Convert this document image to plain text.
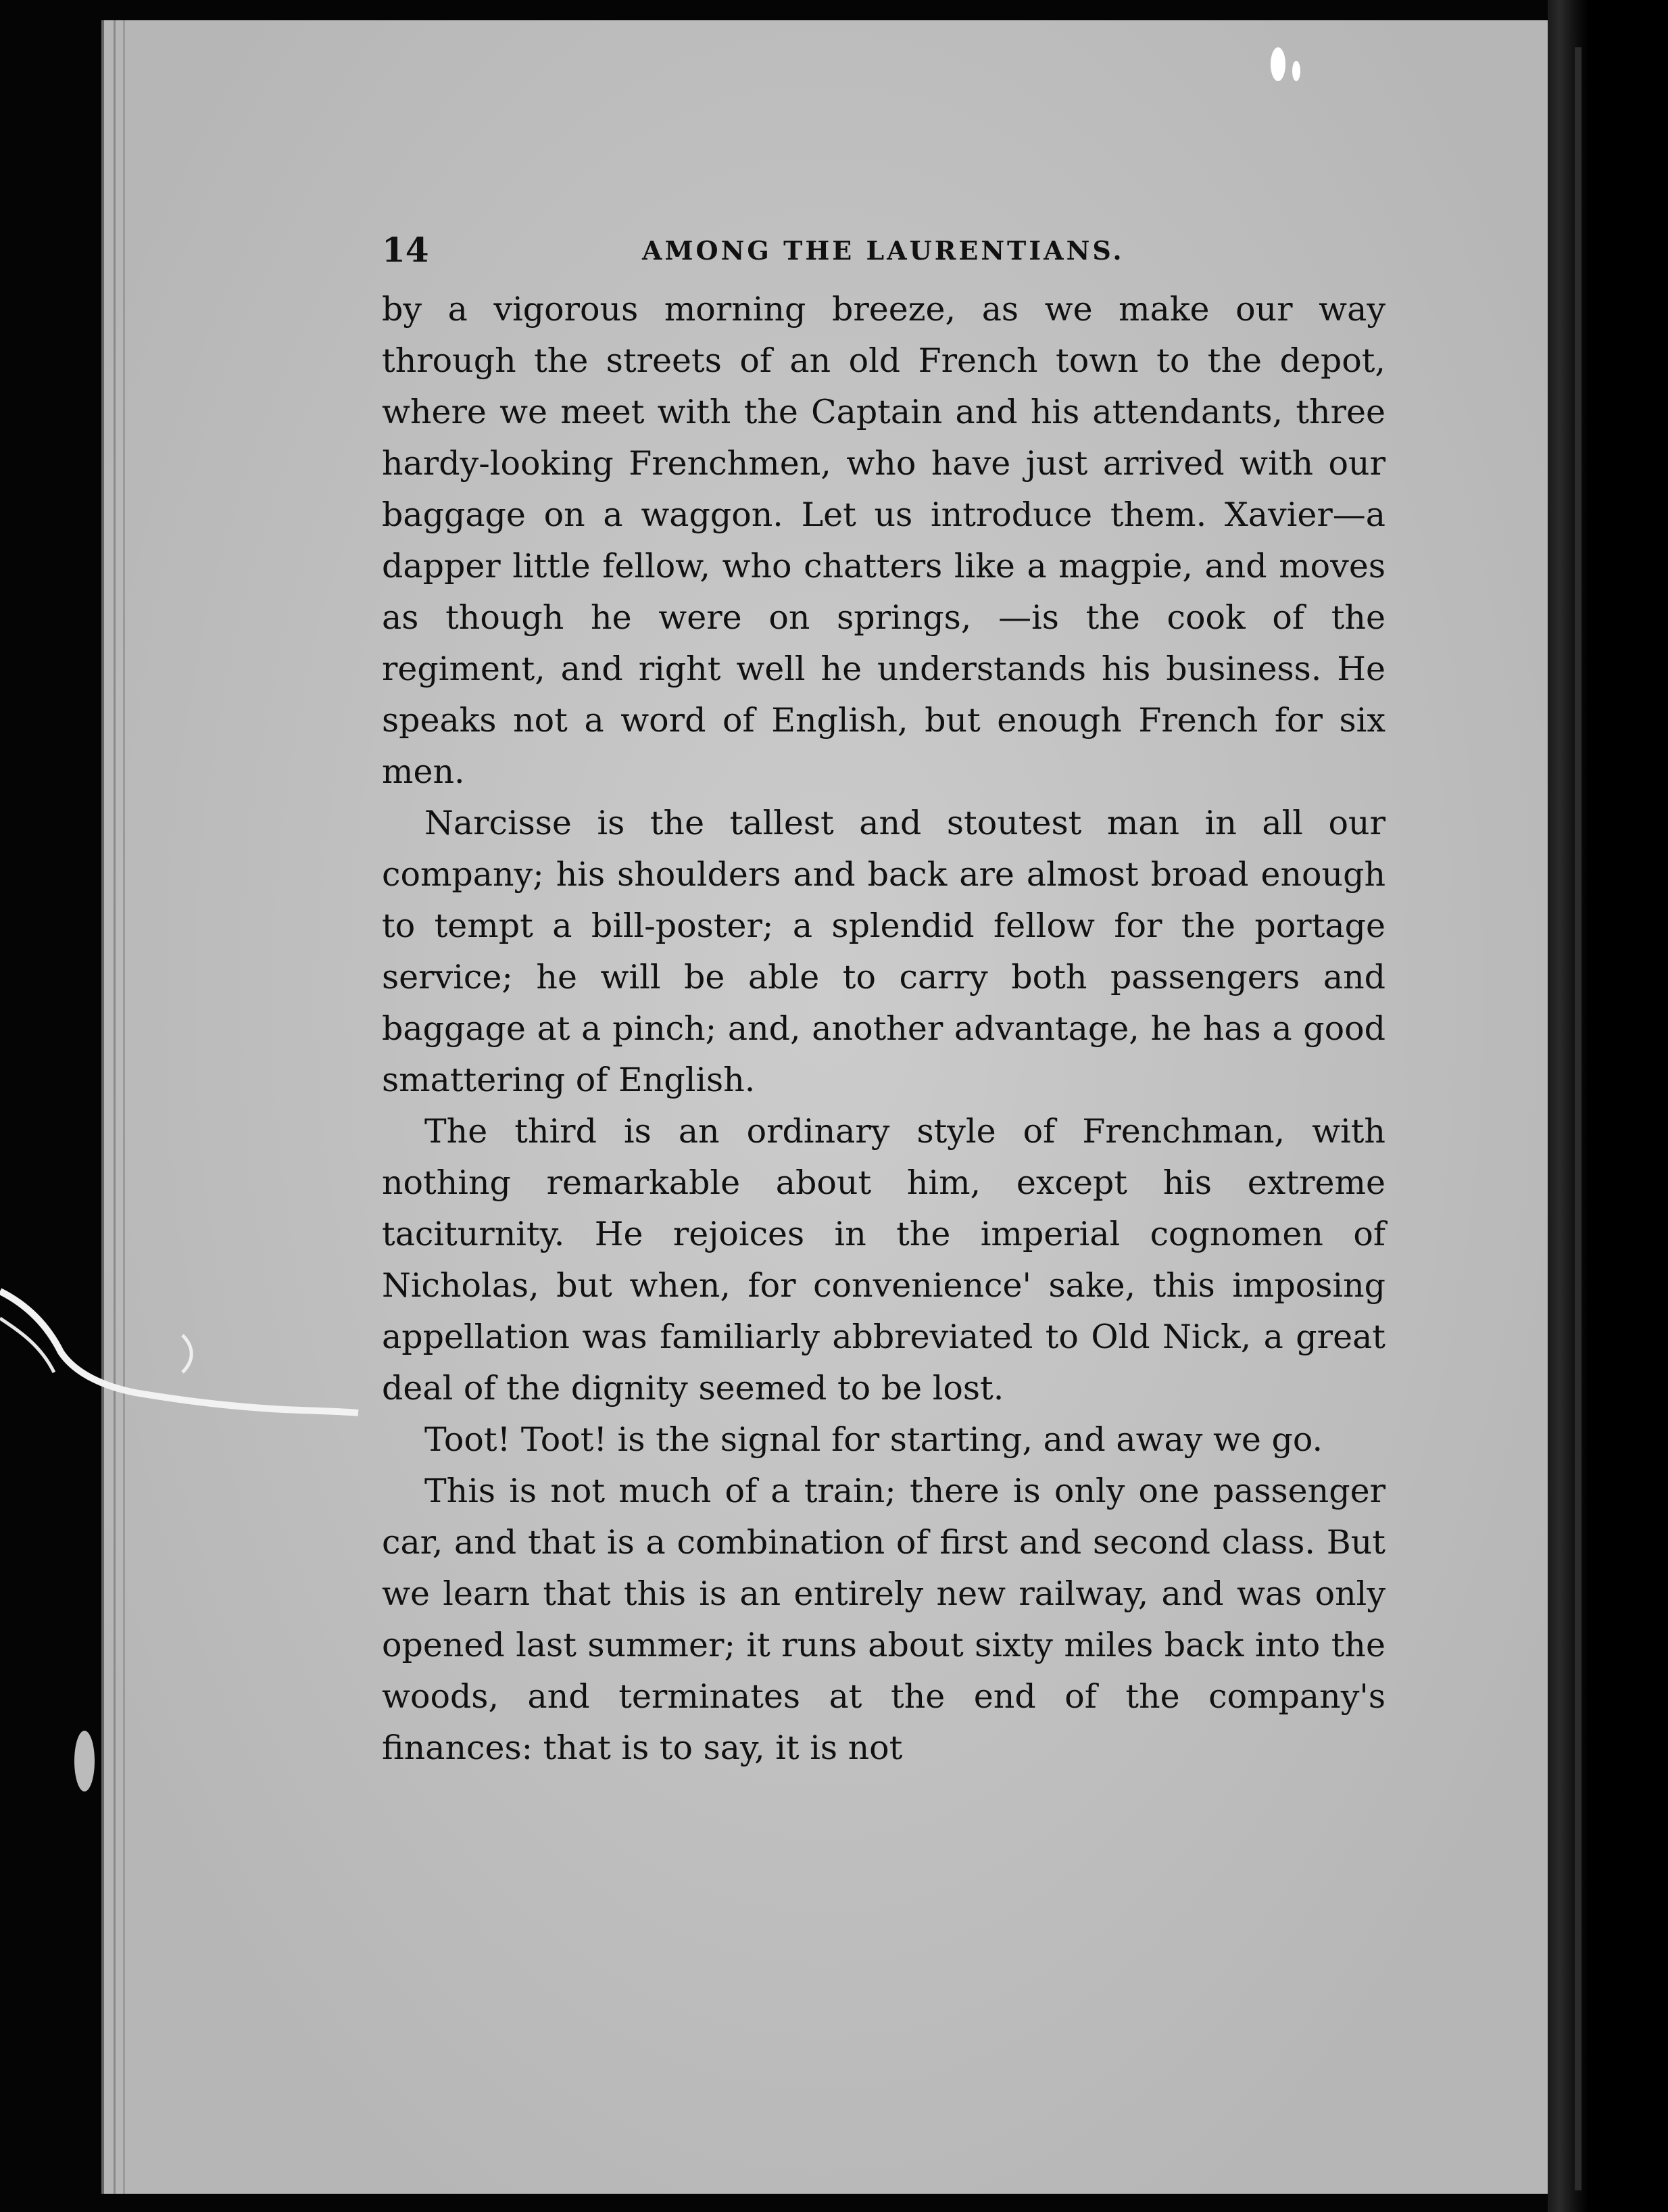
14	AMONG THE LAURENTIANS.

by a vigorous morning breeze, as we make our way through the streets of an old French town to the depot, where we meet with the Captain and his attendants, three hardy-looking Frenchmen, who have just arrived with our baggage on a waggon. Let us introduce them. Xavier—a dapper little fellow, who chatters like a magpie, and moves as though he were on springs, —is the cook of the regiment, and right well he understands his business. He speaks not a word of English, but enough French for six men.

Narcisse is the tallest and stoutest man in all our company; his shoulders and back are almost broad enough to tempt a bill-poster; a splendid fellow for the portage service; he will be able to carry both passengers and baggage at a pinch; and, another advantage, he has a good smattering of English.

The third is an ordinary style of Frenchman, with nothing remarkable about him, except his extreme taciturnity. He rejoices in the imperial cognomen of Nicholas, but when, for convenience' sake, this imposing appellation was familiarly abbreviated to Old Nick, a great deal of the dignity seemed to be lost.

Toot! Toot! is the signal for starting, and away we go.

This is not much of a train; there is only one passenger car, and that is a combination of first and second class. But we learn that this is an entirely new railway, and was only opened last summer; it runs about sixty miles back into the woods, and terminates at the end of the company's finances: that is to say, it is not
